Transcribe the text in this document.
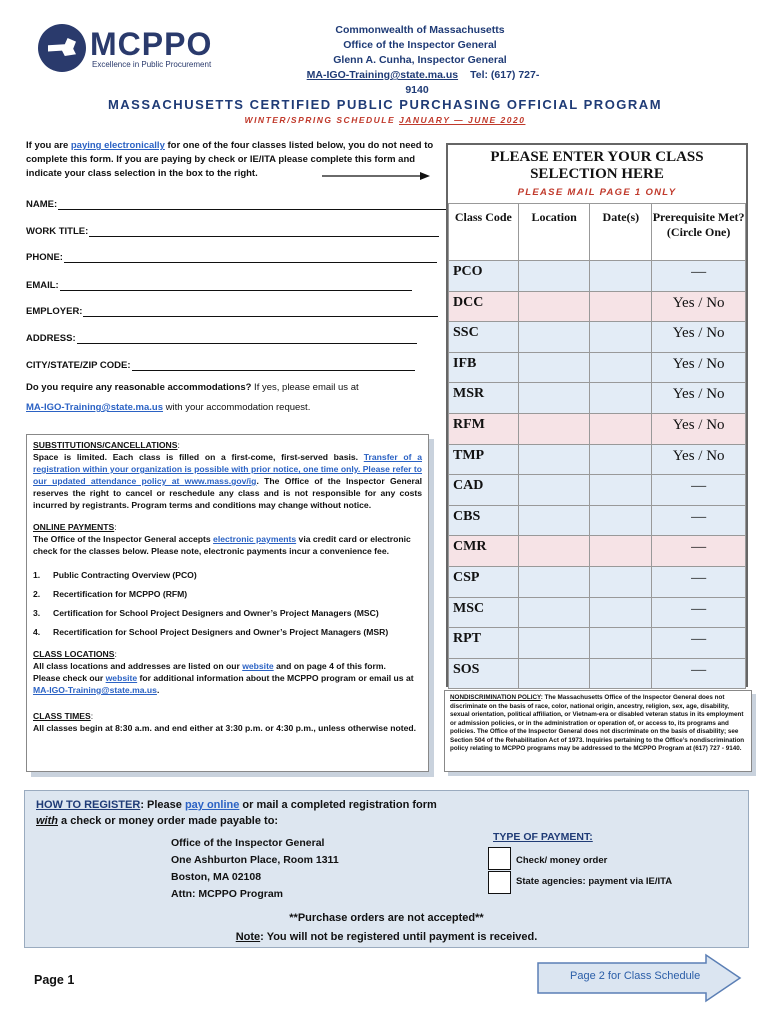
MCPPO
Excellence in Public Procurement
Commonwealth of Massachusetts
Office of the Inspector General
Glenn A. Cunha, Inspector General
MA-IGO-Training@state.ma.us Tel: (617) 727-9140
MASSACHUSETTS CERTIFIED PUBLIC PURCHASING OFFICIAL PROGRAM
WINTER/SPRING SCHEDULE JANUARY — JUNE 2020
If you are paying electronically for one of the four classes listed below, you do not need to complete this form. If you are paying by check or IE/ITA please complete this form and indicate your class selection in the box to the right.
NAME:
WORK TITLE:
PHONE:
EMAIL:
EMPLOYER:
ADDRESS:
CITY/STATE/ZIP CODE:
Do you require any reasonable accommodations? If yes, please email us at
MA-IGO-Training@state.ma.us with your accommodation request.
SUBSTITUTIONS/CANCELLATIONS:
Space is limited. Each class is filled on a first-come, first-served basis. Transfer of a registration within your organization is possible with prior notice, one time only. Please refer to our updated attendance policy at www.mass.gov/ig. The Office of the Inspector General reserves the right to cancel or reschedule any class and is not responsible for any costs incurred by registrants. Program terms and conditions may change without notice.
ONLINE PAYMENTS:
The Office of the Inspector General accepts electronic payments via credit card or electronic check for the classes below. Please note, electronic payments incur a convenience fee.
1.	Public Contracting Overview (PCO)
2.	Recertification for MCPPO (RFM)
3.	Certification for School Project Designers and Owner’s Project Managers (MSC)
4.	Recertification for School Project Designers and Owner’s Project Managers (MSR)
CLASS LOCATIONS:
All class locations and addresses are listed on our website and on page 4 of this form.
Please check our website for additional information about the MCPPO program or email us at MA-IGO-Training@state.ma.us.
CLASS TIMES:
All classes begin at 8:30 a.m. and end either at 3:30 p.m. or 4:30 p.m., unless otherwise noted.
PLEASE ENTER YOUR CLASS
SELECTION HERE
PLEASE MAIL PAGE 1 ONLY
Class Code	Location	Date(s)	Prerequisite Met? (Circle One)
PCO			—
DCC			Yes / No
SSC			Yes / No
IFB			Yes / No
MSR			Yes / No
RFM			Yes / No
TMP			Yes / No
CAD			—
CBS			—
CMR			—
CSP			—
MSC			—
RPT			—
SOS			—
NONDISCRIMINATION POLICY: The Massachusetts Office of the Inspector General does not discriminate on the basis of race, color, national origin, ancestry, religion, sex, age, disability, sexual orientation, political affiliation, or Vietnam-era or disabled veteran status in its employment or admission policies, or in the administration or operation of, or access to, its programs and policies. The Office of the Inspector General does not discriminate on the basis of disability; see Section 504 of the Rehabilitation Act of 1973. Inquiries pertaining to the Office’s nondiscrimination policy relating to MCPPO programs may be addressed to the MCPPO Program at (617) 727 - 9140.
HOW TO REGISTER: Please pay online or mail a completed registration form
with a check or money order made payable to:
Office of the Inspector General
One Ashburton Place, Room 1311
Boston, MA 02108
Attn: MCPPO Program
TYPE OF PAYMENT:
Check/ money order
State agencies: payment via IE/ITA
**Purchase orders are not accepted**
Note: You will not be registered until payment is received.
Page 1	Page 2 for Class Schedule
